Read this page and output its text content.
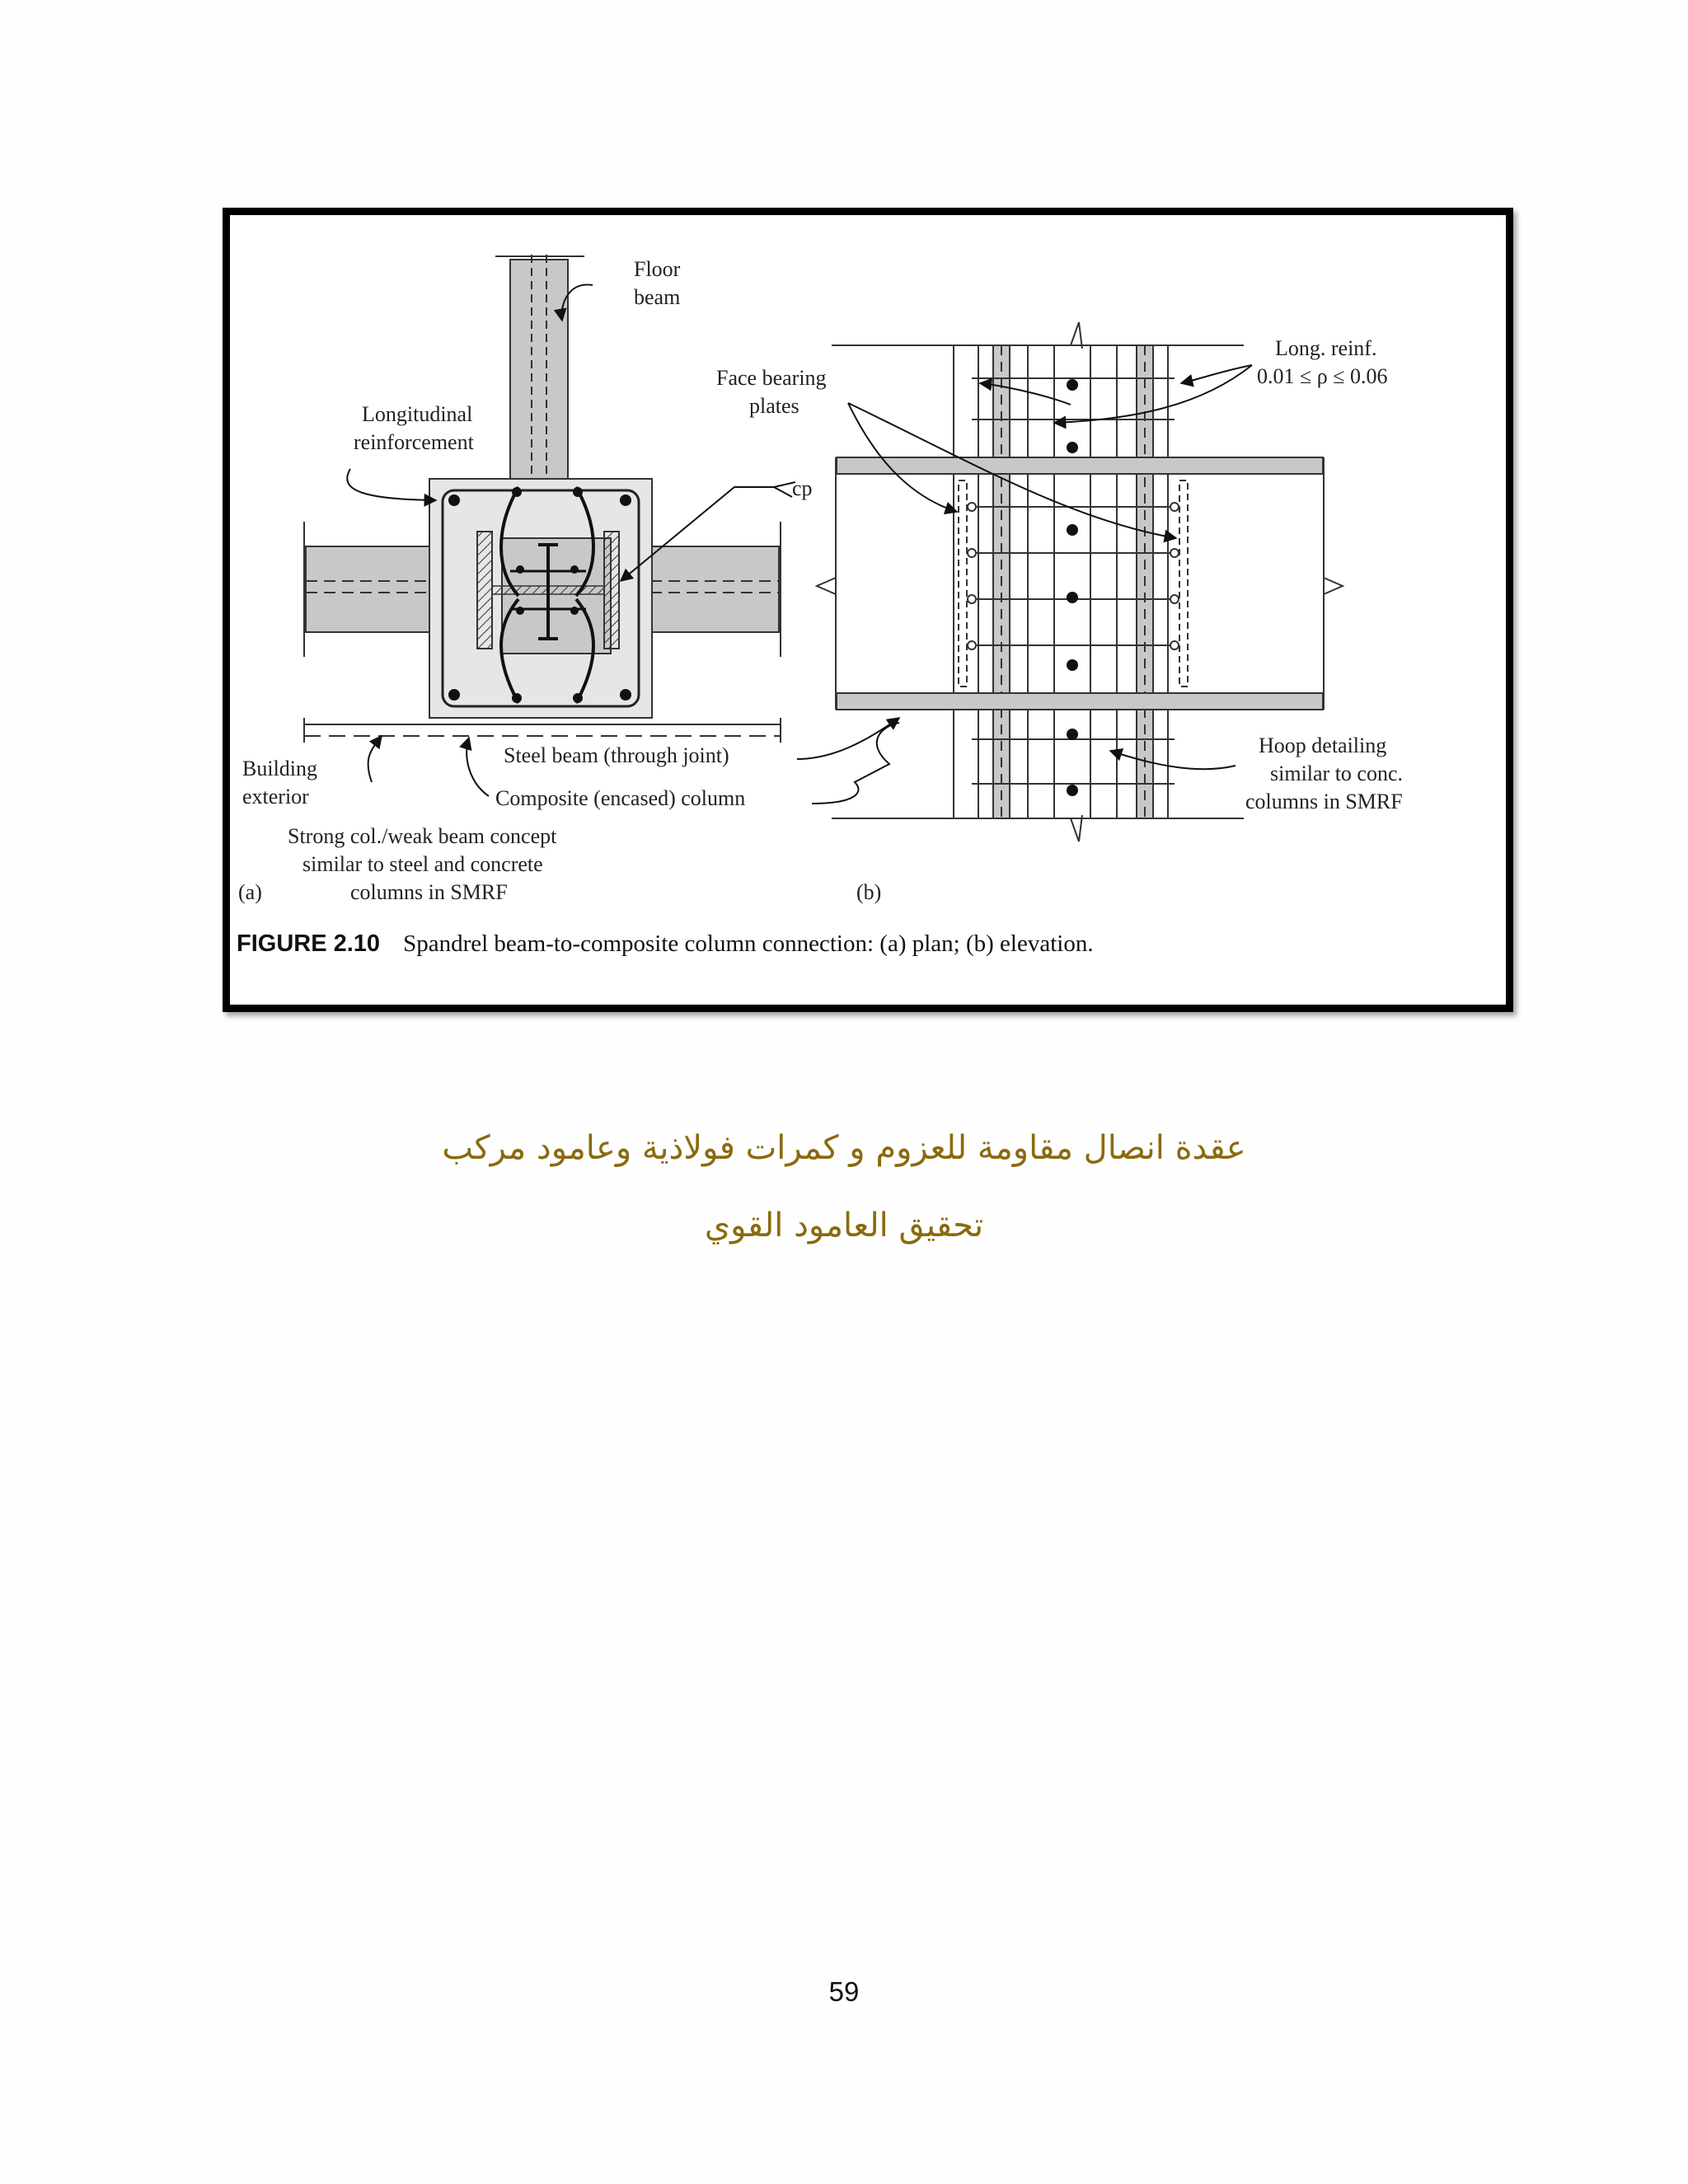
Floor
beam
Longitudinal
reinforcement
cp
Face bearing
plates
Long. reinf.
0.01 ≤ ρ ≤ 0.06
Building
exterior
Steel beam (through joint)
Composite (encased) column
Strong col./weak beam concept
similar to steel and concrete
columns in SMRF
Hoop detailing
similar to conc.
columns in SMRF
(a)	(b)
FIGURE 2.10 Spandrel beam-to-composite column connection: (a) plan; (b) elevation.
عقدة انصال مقاومة للعزوم و كمرات فولاذية وعامود مركب
تحقيق العامود القوي
59
